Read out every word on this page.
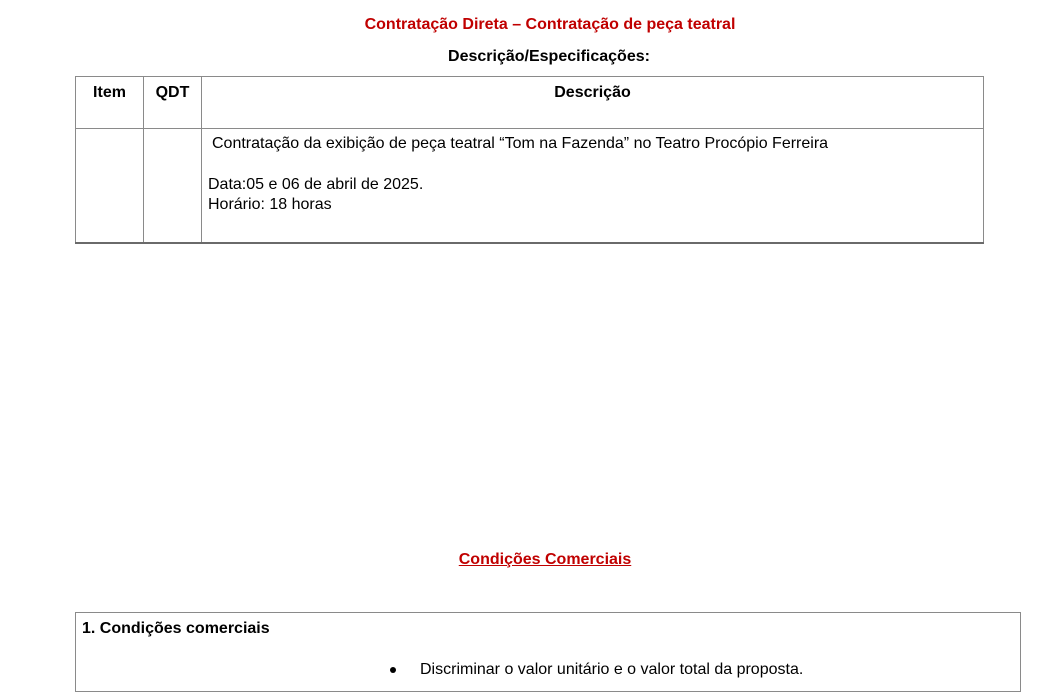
Contratação Direta – Contratação de peça teatral
Descrição/Especificações:
Item	QDT	Descrição

		Contratação da exibição de peça teatral “Tom na Fazenda” no Teatro Procópio Ferreira
Data:05 e 06 de abril de 2025.
Horário: 18 horas
Condições Comerciais
1. Condições comerciais
Discriminar o valor unitário e o valor total da proposta.
